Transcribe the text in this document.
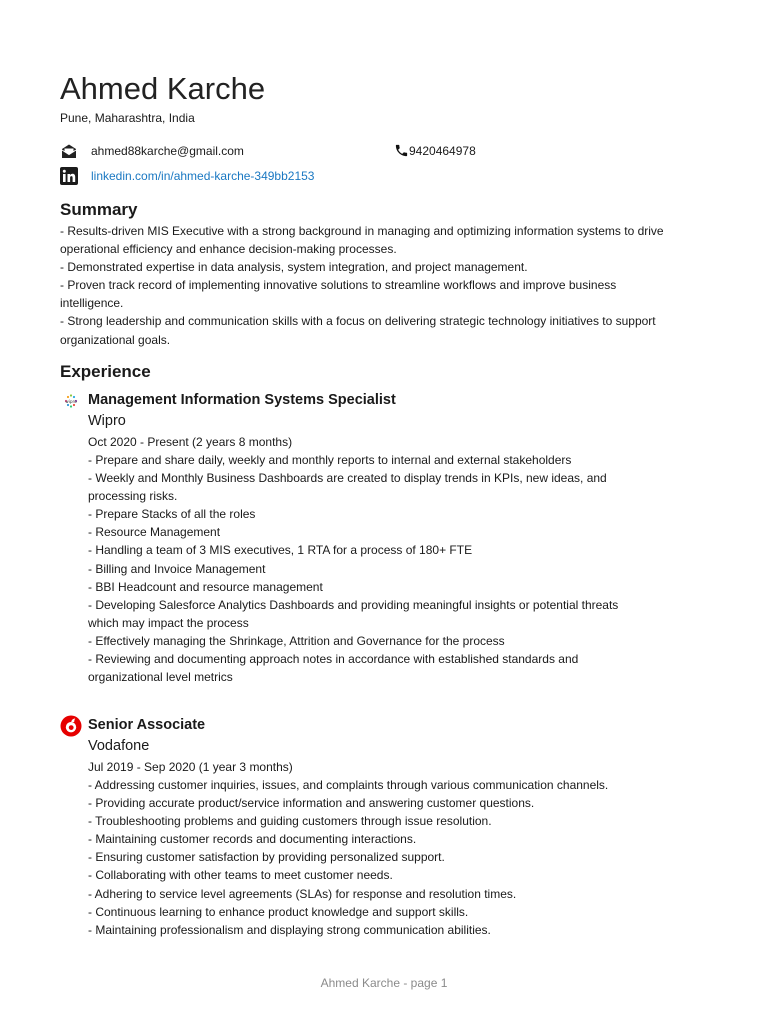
Ahmed Karche
Pune, Maharashtra, India
ahmed88karche@gmail.com	9420464978
linkedin.com/in/ahmed-karche-349bb2153
Summary
- Results-driven MIS Executive with a strong background in managing and optimizing information systems to drive
operational efficiency and enhance decision-making processes.
- Demonstrated expertise in data analysis, system integration, and project management.
- Proven track record of implementing innovative solutions to streamline workflows and improve business
intelligence.
- Strong leadership and communication skills with a focus on delivering strategic technology initiatives to support
organizational goals.
Experience
wipro Management Information Systems Specialist
Wipro
Oct 2020 - Present (2 years 8 months)
- Prepare and share daily, weekly and monthly reports to internal and external stakeholders
- Weekly and Monthly Business Dashboards are created to display trends in KPIs, new ideas, and
processing risks.
- Prepare Stacks of all the roles
- Resource Management
- Handling a team of 3 MIS executives, 1 RTA for a process of 180+ FTE
- Billing and Invoice Management
- BBI Headcount and resource management
- Developing Salesforce Analytics Dashboards and providing meaningful insights or potential threats
which may impact the process
- Effectively managing the Shrinkage, Attrition and Governance for the process
- Reviewing and documenting approach notes in accordance with established standards and
organizational level metrics
Senior Associate
Vodafone
Jul 2019 - Sep 2020 (1 year 3 months)
- Addressing customer inquiries, issues, and complaints through various communication channels.
- Providing accurate product/service information and answering customer questions.
- Troubleshooting problems and guiding customers through issue resolution.
- Maintaining customer records and documenting interactions.
- Ensuring customer satisfaction by providing personalized support.
- Collaborating with other teams to meet customer needs.
- Adhering to service level agreements (SLAs) for response and resolution times.
- Continuous learning to enhance product knowledge and support skills.
- Maintaining professionalism and displaying strong communication abilities.
Ahmed Karche - page 1
